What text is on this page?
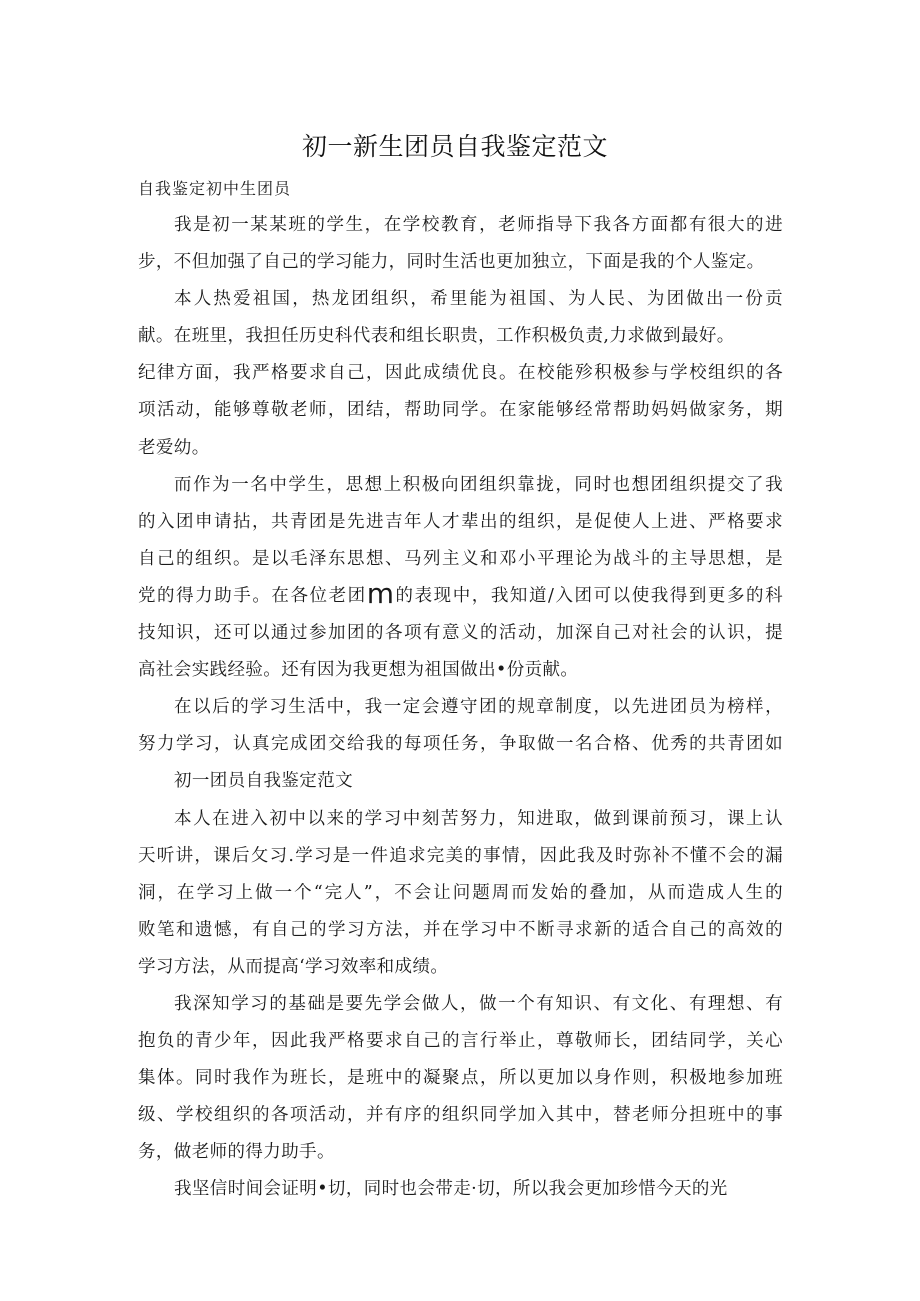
初一新生团员自我鉴定范文
自我鉴定初中生团员
我是初一某某班的学生，在学校教育，老师指导下我各方面都有很大的进
步，不但加强了自己的学习能力，同时生活也更加独立，下面是我的个人鉴定。
本人热爱祖国，热龙团组织，希里能为祖国、为人民、为团做出一份贡
献。在班里，我担任历史科代表和组长职贵，工作积极负责,力求做到最好。
纪律方面，我严格要求自己，因此成绩优良。在校能殄积极参与学校组织的各
项活动，能够尊敬老师，团结，帮助同学。在家能够经常帮助妈妈做家务，期
老爱幼。
而作为一名中学生，思想上积极向团组织靠拢，同时也想团组织提交了我
的入团申请拈，共青团是先进吉年人才辈出的组织，是促使人上进、严格要求
自己的组织。是以毛泽东思想、马列主义和邓小平理论为战斗的主导思想，是
党的得力助手。在各位老团m的表现中，我知道/入团可以使我得到更多的科
技知识，还可以通过参加团的各项有意义的活动，加深自己对社会的认识，提
高社会实践经验。还有因为我更想为祖国做出•份贡献。
在以后的学习生活中，我一定会遵守团的规章制度，以先进团员为榜样，
努力学习，认真完成团交给我的每项任务，争取做一名合格、优秀的共青团如
初一团员自我鉴定范文
本人在进入初中以来的学习中刻苦努力，知进取，做到课前预习，课上认
天听讲，课后攵习.学习是一件追求完美的事情，因此我及时弥补不懂不会的漏
洞，在学习上做一个“完人”，不会让问题周而发始的叠加，从而造成人生的
败笔和遗憾，有自己的学习方法，并在学习中不断寻求新的适合自己的高效的
学习方法，从而提高‘学习效率和成绩。
我深知学习的基础是要先学会做人，做一个有知识、有文化、有理想、有
抱负的青少年，因此我严格要求自己的言行举止，尊敬师长，团结同学，关心
集体。同时我作为班长，是班中的凝聚点，所以更加以身作则，积极地参加班
级、学校组织的各项活动，并有序的组织同学加入其中，替老师分担班中的事
务，做老师的得力助手。
我坚信时间会证明•切，同时也会带走·切，所以我会更加珍惜今天的光
